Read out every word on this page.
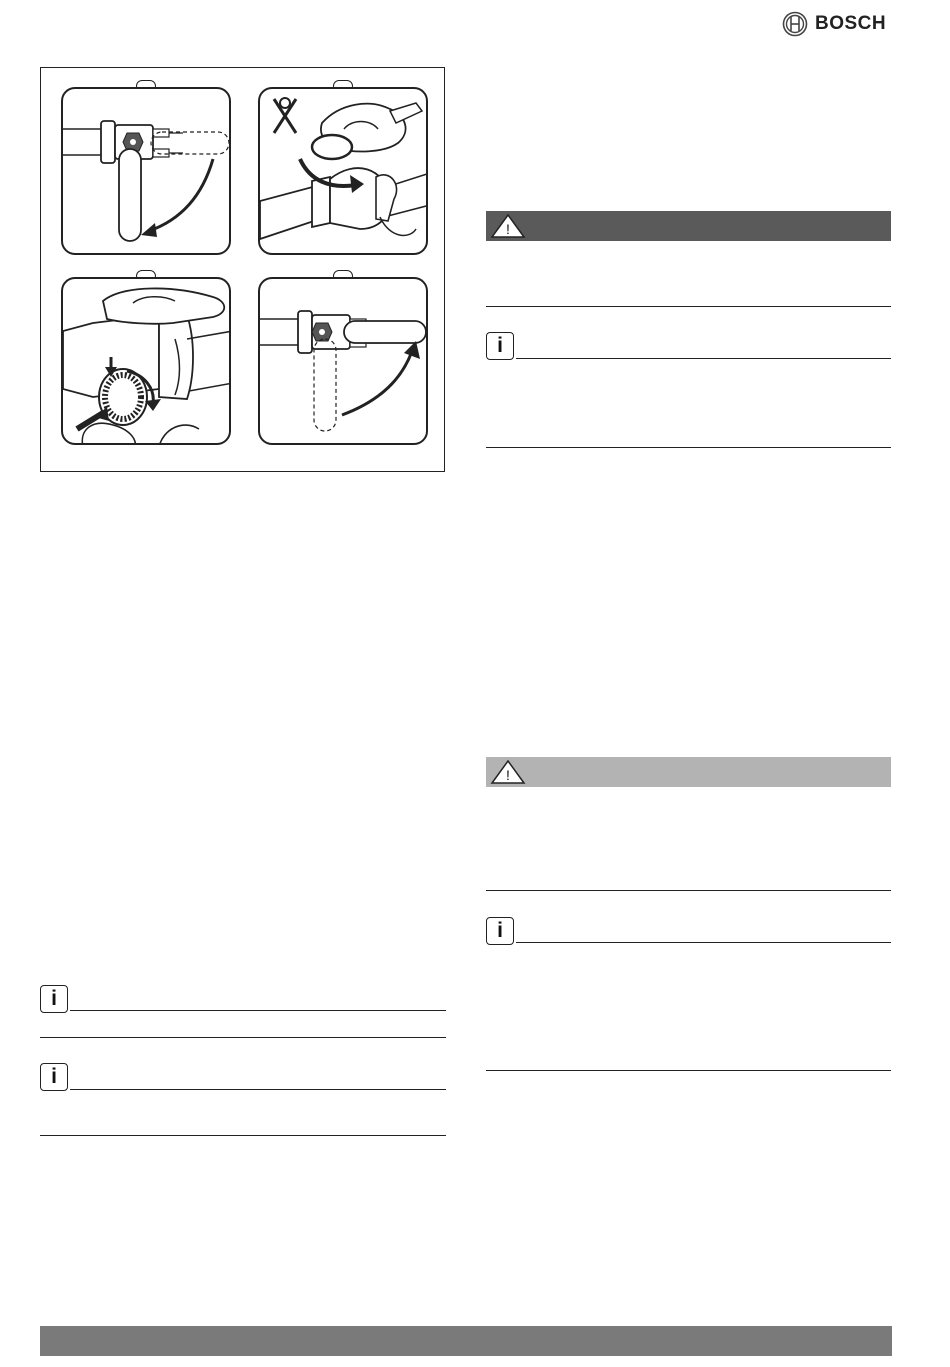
BOSCH
i
i
!
i
!
i
